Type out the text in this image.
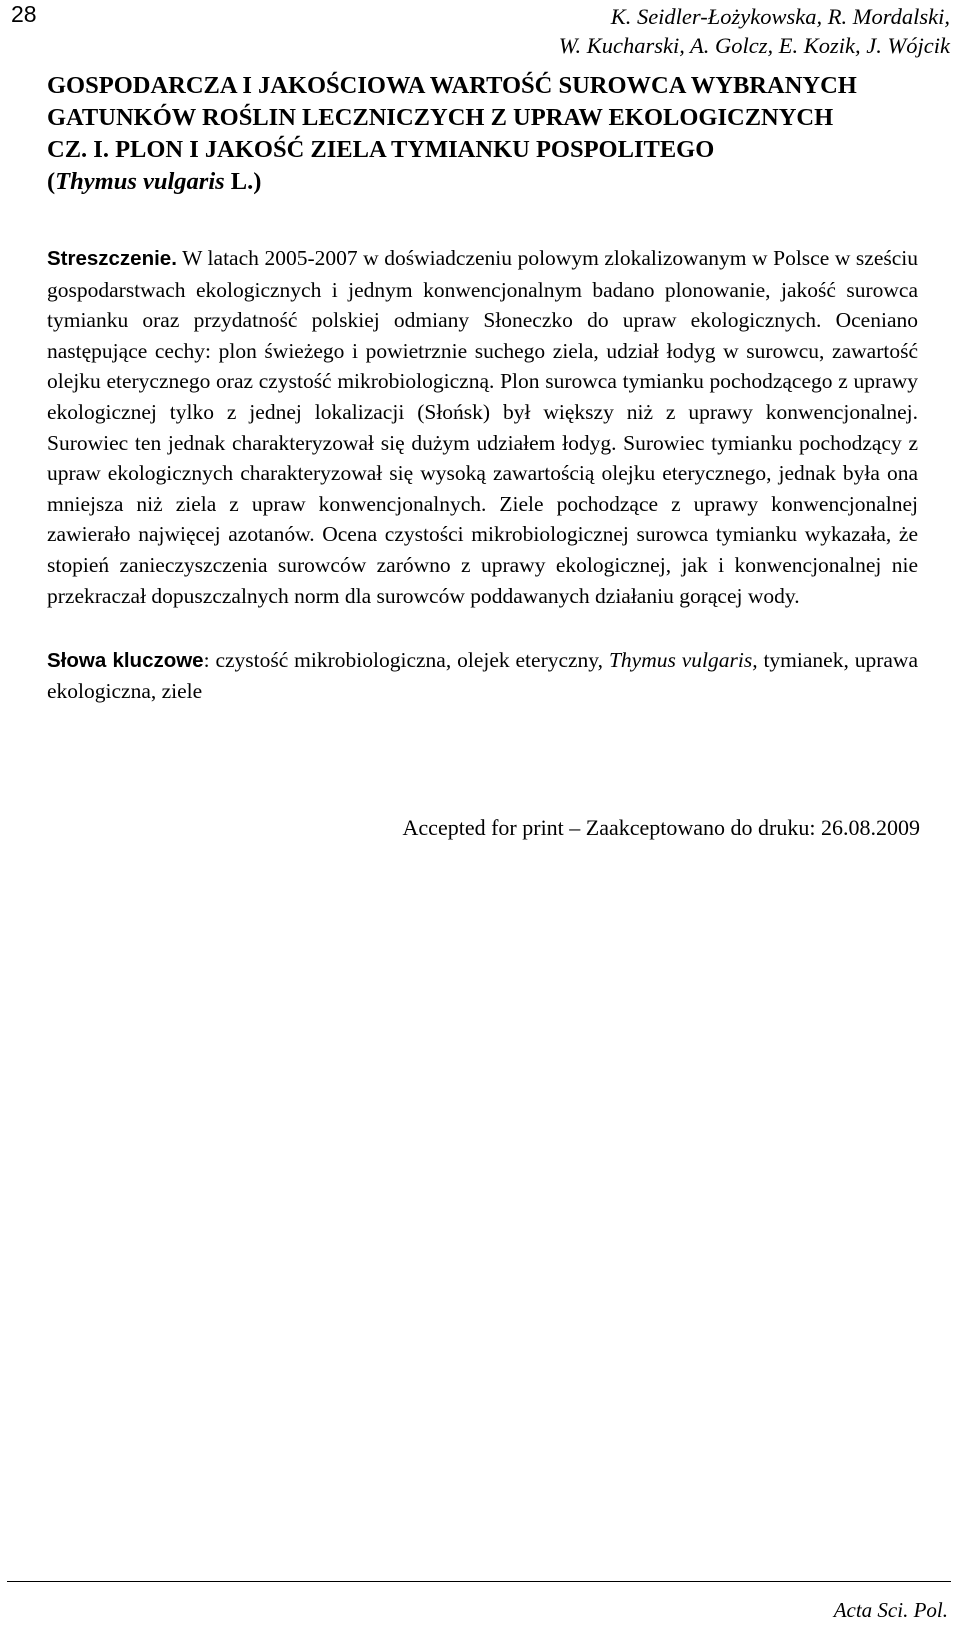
28	K. Seidler-Łożykowska, R. Mordalski,
W. Kucharski, A. Golcz, E. Kozik, J. Wójcik
GOSPODARCZA I JAKOŚCIOWA WARTOŚĆ SUROWCA WYBRANYCH
GATUNKÓW ROŚLIN LECZNICZYCH Z UPRAW EKOLOGICZNYCH
CZ. I. PLON I JAKOŚĆ ZIELA TYMIANKU POSPOLITEGO
(Thymus vulgaris L.)

Streszczenie. W latach 2005-2007 w doświadczeniu polowym zlokalizowanym w Polsce w sześciu gospodarstwach ekologicznych i jednym konwencjonalnym badano plonowanie, jakość surowca tymianku oraz przydatność polskiej odmiany Słoneczko do upraw ekologicznych. Oceniano następujące cechy: plon świeżego i powietrznie suchego ziela, udział łodyg w surowcu, zawartość olejku eterycznego oraz czystość mikrobiologiczną. Plon surowca tymianku pochodzącego z uprawy ekologicznej tylko z jednej lokalizacji (Słońsk) był większy niż z uprawy konwencjonalnej. Surowiec ten jednak charakteryzował się dużym udziałem łodyg. Surowiec tymianku pochodzący z upraw ekologicznych charakteryzował się wysoką zawartością olejku eterycznego, jednak była ona mniejsza niż ziela z upraw konwencjonalnych. Ziele pochodzące z uprawy konwencjonalnej zawierało najwięcej azotanów. Ocena czystości mikrobiologicznej surowca tymianku wykazała, że stopień zanieczyszczenia surowców zarówno z uprawy ekologicznej, jak i konwencjonalnej nie przekraczał dopuszczalnych norm dla surowców poddawanych działaniu gorącej wody.

Słowa kluczowe: czystość mikrobiologiczna, olejek eteryczny, Thymus vulgaris, tymianek, uprawa ekologiczna, ziele

Accepted for print – Zaakceptowano do druku: 26.08.2009
Acta Sci. Pol.
